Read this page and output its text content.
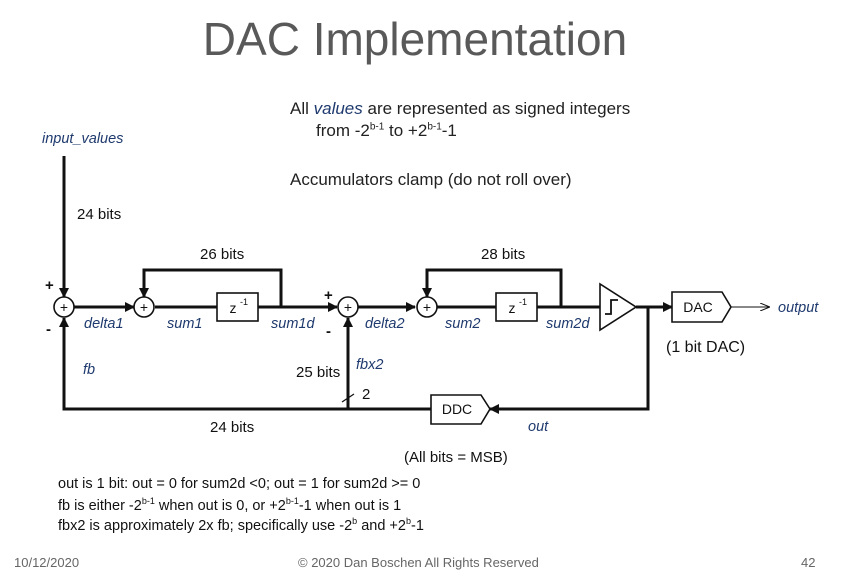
DAC Implementation
All values are represented as signed integers
from -2$^{b-1}$ to $+2^{b-1}-1$
Accumulators clamp (do not roll over)
+	+	+	+
z -1	z -1	DAC
DDC
input_values
24 bits
+
-
+
-
delta1	sum1	sum1d
26 bits
delta2	sum2	sum2d
28 bits
output
(1 bit DAC)
fb	fbx2
25 bits
2
24 bits	out
(All bits = MSB)
out is 1 bit: out = 0 for sum2d <0; out = 1 for sum2d >= 0
fb is either -2$^{b-1}$ when out is 0, or $+2^{b-1}-1$ when out is 1
fbx2 is approximately 2x fb; specifically use -2$^b$ and $+2^b-1$
10/12/2020	© 2020 Dan Boschen All Rights Reserved	42
